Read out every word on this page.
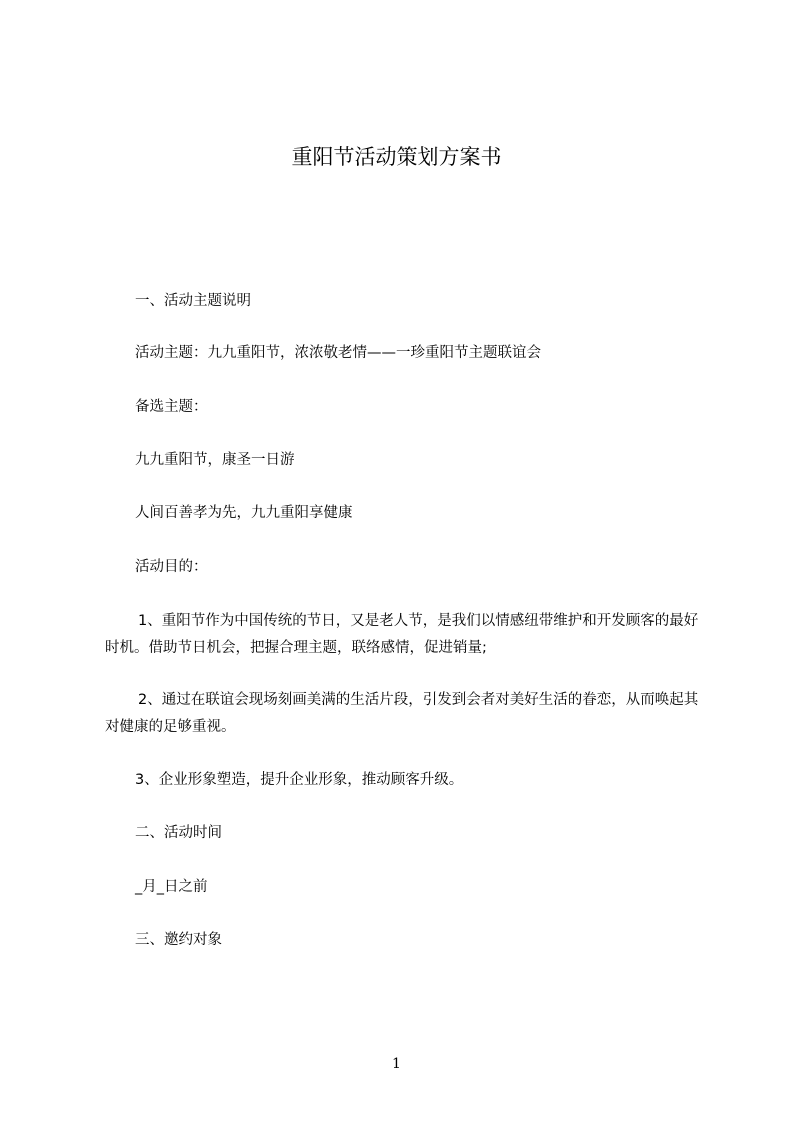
重阳节活动策划方案书

一、活动主题说明

活动主题：九九重阳节，浓浓敬老情——一珍重阳节主题联谊会

备选主题：

九九重阳节，康圣一日游

人间百善孝为先，九九重阳享健康

活动目的：

1、重阳节作为中国传统的节日，又是老人节，是我们以情感纽带维护和开发顾客的最好时机。借助节日机会，把握合理主题，联络感情，促进销量;

2、通过在联谊会现场刻画美满的生活片段，引发到会者对美好生活的眷恋，从而唤起其对健康的足够重视。

3、企业形象塑造，提升企业形象，推动顾客升级。

二、活动时间

_月_日之前

三、邀约对象

1
